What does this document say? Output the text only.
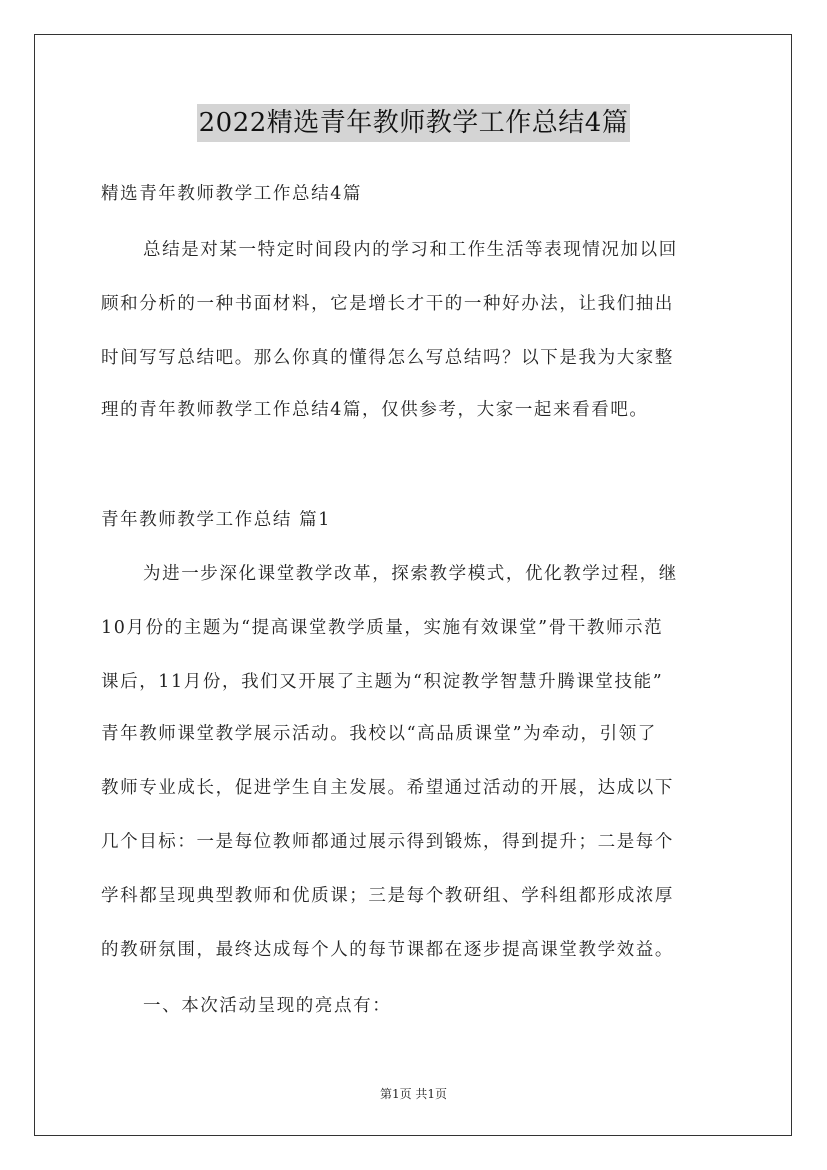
2022精选青年教师教学工作总结4篇
精选青年教师教学工作总结4篇
总结是对某一特定时间段内的学习和工作生活等表现情况加以回
顾和分析的一种书面材料，它是增长才干的一种好办法，让我们抽出
时间写写总结吧。那么你真的懂得怎么写总结吗？以下是我为大家整
理的青年教师教学工作总结4篇，仅供参考，大家一起来看看吧。
青年教师教学工作总结 篇1
为进一步深化课堂教学改革，探索教学模式，优化教学过程，继
10月份的主题为“提高课堂教学质量，实施有效课堂”骨干教师示范
课后，11月份，我们又开展了主题为“积淀教学智慧升腾课堂技能”
青年教师课堂教学展示活动。我校以“高品质课堂”为牵动，引领了
教师专业成长，促进学生自主发展。希望通过活动的开展，达成以下
几个目标：一是每位教师都通过展示得到锻炼，得到提升；二是每个
学科都呈现典型教师和优质课；三是每个教研组、学科组都形成浓厚
的教研氛围，最终达成每个人的每节课都在逐步提高课堂教学效益。
一、本次活动呈现的亮点有：
第1页 共1页
